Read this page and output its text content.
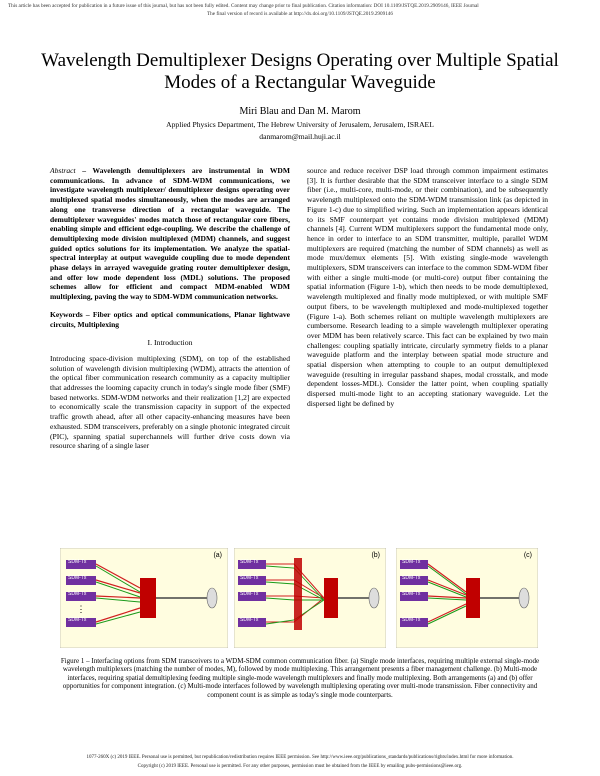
This article has been accepted for publication in a future issue of this journal, but has not been fully edited. Content may change prior to final publication. Citation information: DOI 10.1109/JSTQE.2019.2909146, IEEE Journal
The final version of record is available at http://dx.doi.org/10.1109/JSTQE.2019.2909146
Wavelength Demultiplexer Designs Operating over Multiple Spatial Modes of a Rectangular Waveguide
Miri Blau and Dan M. Marom
Applied Physics Department, The Hebrew University of Jerusalem, Jerusalem, ISRAEL
danmarom@mail.huji.ac.il

Abstract – Wavelength demultiplexers are instrumental in WDM communications. In advance of SDM-WDM communications, we investigate wavelength multiplexer/ demultiplexer designs operating over multiplexed spatial modes simultaneously, when the modes are arranged along one transverse direction of a rectangular waveguide. The demultiplexer waveguides' modes match those of rectangular core fibers, enabling simple and efficient edge-coupling. We describe the challenge of demultiplexing mode division multiplexed (MDM) channels, and suggest guided optics solutions for its implementation. We analyze the spatial-spectral interplay at output waveguide coupling due to mode dependent phase delays in arrayed waveguide grating router demultiplexer design, and offer low mode dependent loss (MDL) solutions. The proposed schemes allow for efficient and compact MDM-enabled WDM multiplexing, paving the way to SDM-WDM communication networks.

Keywords – Fiber optics and optical communications, Planar lightwave circuits, Multiplexing

I. Introduction

Introducing space-division multiplexing (SDM), on top of the established solution of wavelength division multiplexing (WDM), attracts the attention of the optical fiber communication research community as a capacity multiplier that addresses the looming capacity crunch in today's single mode fiber (SMF) based networks. SDM-WDM networks and their realization [1,2] are expected to economically scale the transmission capacity in support of the expected traffic growth ahead, after all other capacity-enhancing measures have been exhausted. SDM transceivers, preferably on a single photonic integrated circuit (PIC), spanning spatial superchannels will further drive costs down via resource sharing of a single laser

source and reduce receiver DSP load through common impairment estimates [3]. It is further desirable that the SDM transceiver interface to a single SDM fiber (i.e., multi-core, multi-mode, or their combination), and be subsequently wavelength multiplexed onto the SDM-WDM transmission link (as depicted in Figure 1-c) due to simplified wiring. Such an implementation appears identical to its SMF counterpart yet contains mode division multiplexed (MDM) channels [4]. Current WDM multiplexers support the fundamental mode only, hence in order to interface to an SDM transmitter, multiple, parallel WDM multiplexers are required (matching the number of SDM channels) as well as mode mux/demux elements [5]. With existing single-mode wavelength multiplexers, SDM transceivers can interface to the common SDM-WDM fiber with either a single multi-mode (or multi-core) output fiber containing the spatial information (Figure 1-b), which then needs to be mode demultiplexed, wavelength multiplexed and finally mode multiplexed, or with multiple SMF output fibers, to be wavelength multiplexed and mode-multiplexed together (Figure 1-a). Both schemes reliant on multiple wavelength multiplexers are cumbersome. Research leading to a simple wavelength multiplexer operating over MDM has been relatively scarce. This fact can be explained by two main challenges: coupling spatially intricate, circularly symmetry fields to a planar waveguide platform and the interplay between spatial mode structure and spatial dispersion when attempting to couple to an output demultiplexed waveguide (resulting in irregular passband shapes, modal crosstalk, and mode dependent losses-MDL). Consider the latter point, when coupling spatially dispersed multi-mode light to an accepting stationary waveguide. Let the dispersed light be defined by

⋮
SDM-Tx
SDM-Tx
SDM-Tx
SDM-Tx
(a)
SDM-Tx
SDM-Tx
SDM-Tx
SDM-Tx
(b)
SDM-Tx
SDM-Tx
SDM-Tx
SDM-Tx
(c)
Figure 1 – Interfacing options from SDM transceivers to a WDM-SDM common communication fiber. (a) Single mode interfaces, requiring multiple external single-mode wavelength multiplexers (matching the number of modes, M), followed by mode multiplexing. This arrangement presents a fiber management challenge. (b) Multi-mode interfaces, requiring spatial demultiplexing feeding multiple single-mode wavelength multiplexers and finally mode multiplexing. Both arrangements (a) and (b) offer opportunities for component integration. (c) Multi-mode interfaces followed by wavelength multiplexing operating over multi-mode transmission. Fiber connectivity and component count is as simple as today's single mode counterparts.
1077-260X (c) 2019 IEEE. Personal use is permitted, but republication/redistribution requires IEEE permission. See http://www.ieee.org/publications_standards/publications/rights/index.html for more information.
Copyright (c) 2019 IEEE. Personal use is permitted. For any other purposes, permission must be obtained from the IEEE by emailing pubs-permissions@ieee.org.
